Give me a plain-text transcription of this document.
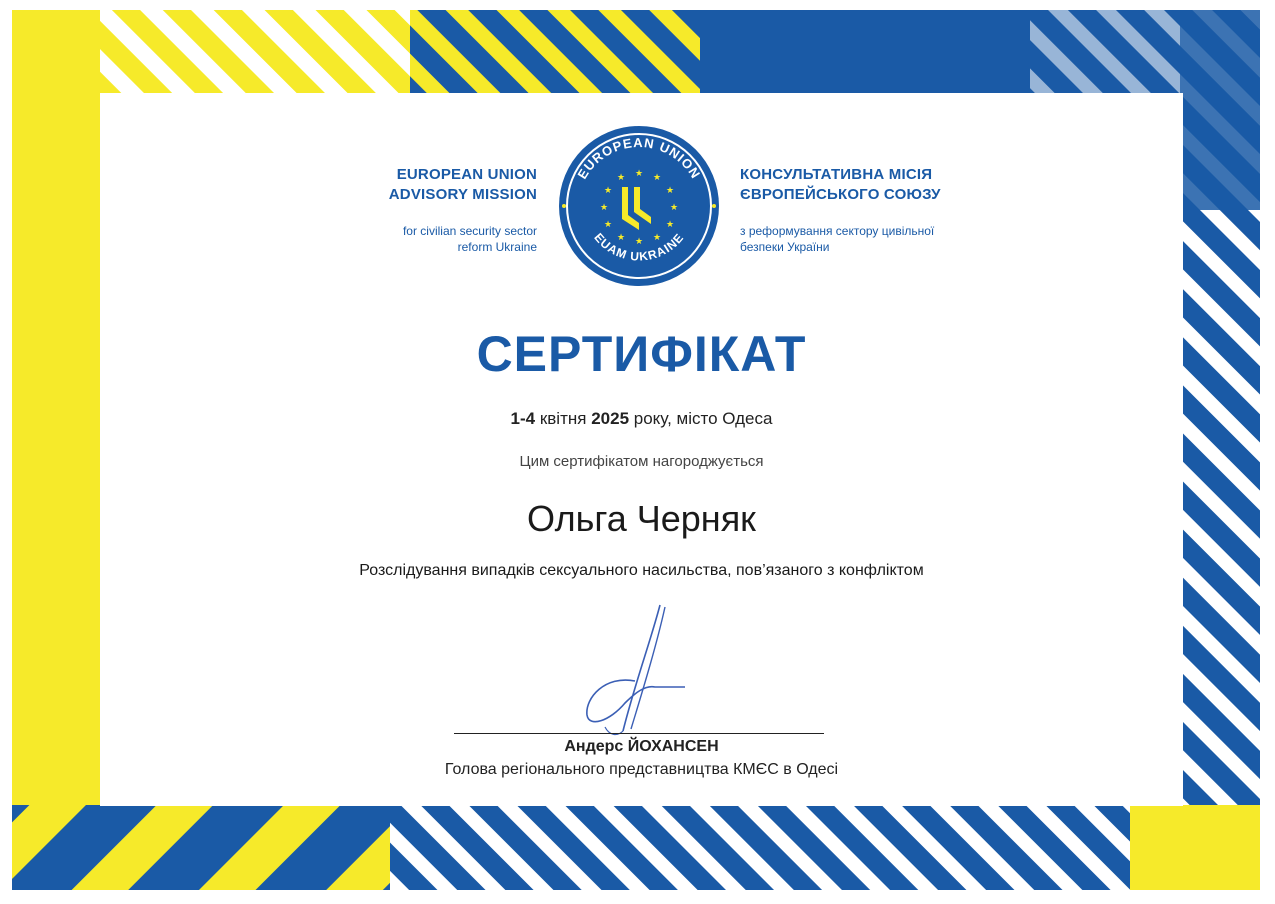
EUROPEAN UNION
ADVISORY MISSION
for civilian security sector
reform Ukraine
EUROPEAN UNION
EUAM UKRAINE
★ ★
★
★
★
★
★
★
★
★
★
★	КОНСУЛЬТАТИВНА МІСІЯ
ЄВРОПЕЙСЬКОГО СОЮЗУ
з реформування сектору цивільної
безпеки України
СЕРТИФІКАТ
1-4 квітня 2025 року, місто Одеса
Цим сертифікатом нагороджується
Ольга Черняк
Розслідування випадків сексуального насильства, пов’язаного з конфліктом
Андерс ЙОХАНСЕН
Голова регіонального представництва КМЄС в Одесі
